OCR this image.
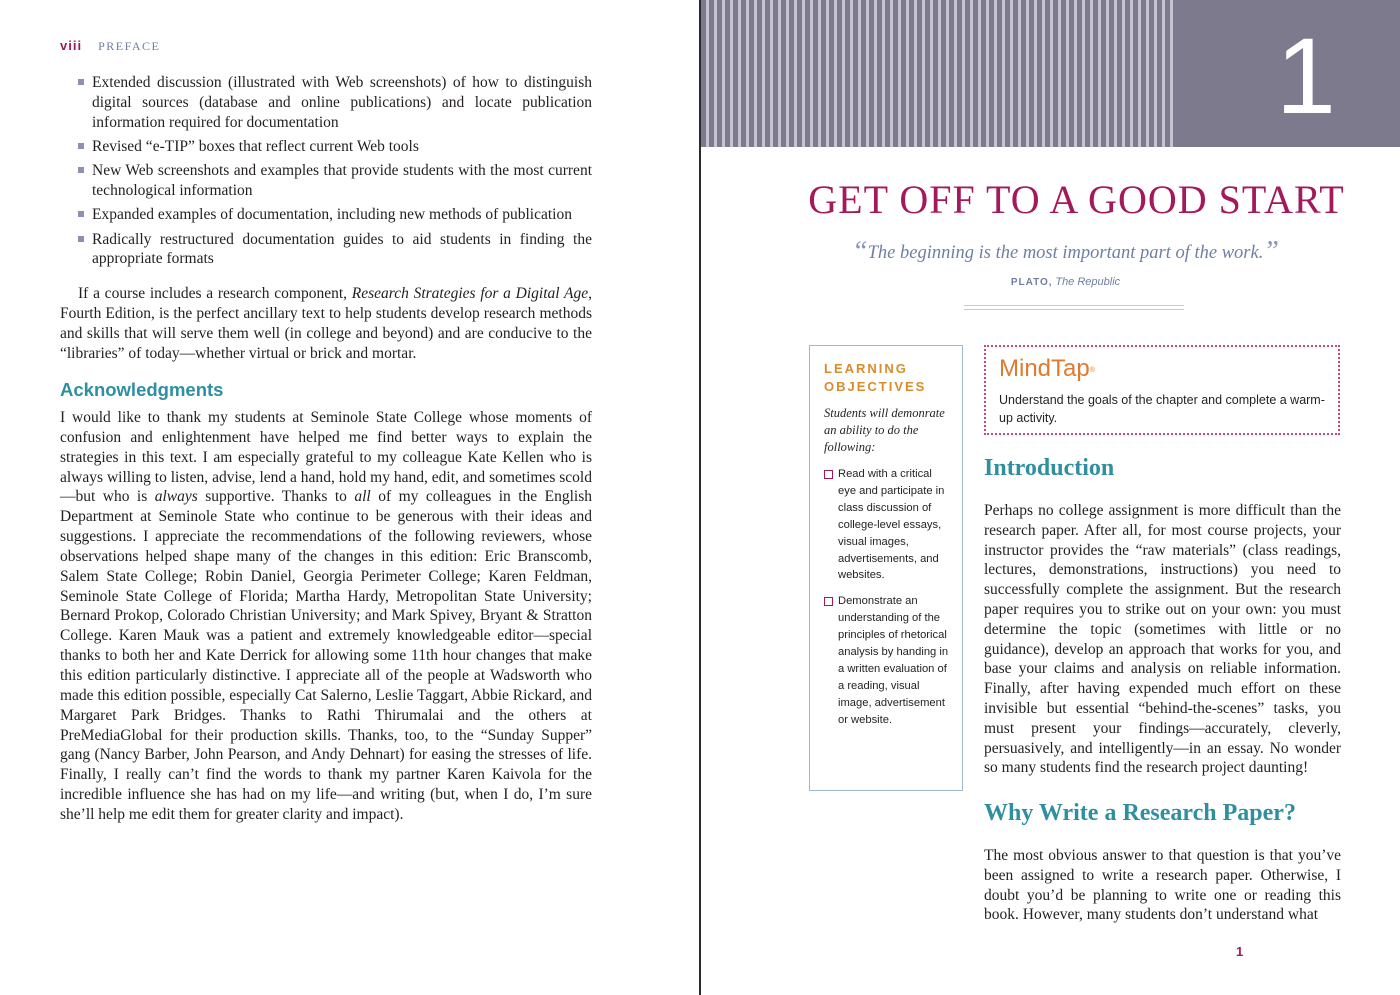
viii PREFACE
Extended discussion (illustrated with Web screenshots) of how to distinguish digital sources (database and online publications) and locate publication information required for documentation
Revised “e-TIP” boxes that reflect current Web tools
New Web screenshots and examples that provide students with the most current technological information
Expanded examples of documentation, including new methods of publication
Radically restructured documentation guides to aid students in finding the appropriate formats

If a course includes a research component, Research Strategies for a Digital Age, Fourth Edition, is the perfect ancillary text to help students develop research methods and skills that will serve them well (in college and beyond) and are conducive to the “libraries” of today—whether virtual or brick and mortar.

Acknowledgments

I would like to thank my students at Seminole State College whose moments of confusion and enlightenment have helped me find better ways to explain the strategies in this text. I am especially grateful to my colleague Kate Kellen who is always willing to listen, advise, lend a hand, hold my hand, edit, and sometimes scold—but who is always supportive. Thanks to all of my colleagues in the English Department at Seminole State who continue to be generous with their ideas and suggestions. I appreciate the recommendations of the following reviewers, whose observations helped shape many of the changes in this edition: Eric Branscomb, Salem State College; Robin Daniel, Georgia Perimeter College; Karen Feldman, Seminole State College of Florida; Martha Hardy, Metropolitan State University; Bernard Prokop, Colorado Christian University; and Mark Spivey, Bryant & Stratton College. Karen Mauk was a patient and extremely knowledgeable editor—special thanks to both her and Kate Derrick for allowing some 11th hour changes that make this edition particularly distinctive. I appreciate all of the people at Wadsworth who made this edition possible, especially Cat Salerno, Leslie Taggart, Abbie Rickard, and Margaret Park Bridges. Thanks to Rathi Thirumalai and the others at PreMediaGlobal for their production skills. Thanks, too, to the “Sunday Supper” gang (Nancy Barber, John Pearson, and Andy Dehnart) for easing the stresses of life. Finally, I really can’t find the words to thank my partner Karen Kaivola for the incredible influence she has had on my life—and writing (but, when I do, I’m sure she’ll help me edit them for greater clarity and impact).

1
GET OFF TO A GOOD START
“The beginning is the most important part of the work.”
PLATO, The Republic
LEARNING
OBJECTIVES
Students will demonrate an ability to do the following:
Read with a critical eye and participate in class discussion of college-level essays, visual images, advertisements, and websites.
Demonstrate an understanding of the principles of rhetorical analysis by handing in a written evaluation of a reading, visual image, advertisement or website.
MindTap®
Understand the goals of the chapter and complete a warm-up activity.
Introduction

Perhaps no college assignment is more difficult than the research paper. After all, for most course projects, your instructor provides the “raw materials” (class readings, lectures, demonstrations, instructions) you need to successfully complete the assignment. But the research paper requires you to strike out on your own: you must determine the topic (sometimes with little or no guidance), develop an approach that works for you, and base your claims and analysis on reliable information. Finally, after having expended much effort on these invisible but essential “behind-the-scenes” tasks, you must present your findings—accurately, cleverly, persuasively, and intelligently—in an essay. No wonder so many students find the research project daunting!

Why Write a Research Paper?

The most obvious answer to that question is that you’ve been assigned to write a research paper. Otherwise, I doubt you’d be planning to write one or reading this book. However, many students don’t understand what

1
